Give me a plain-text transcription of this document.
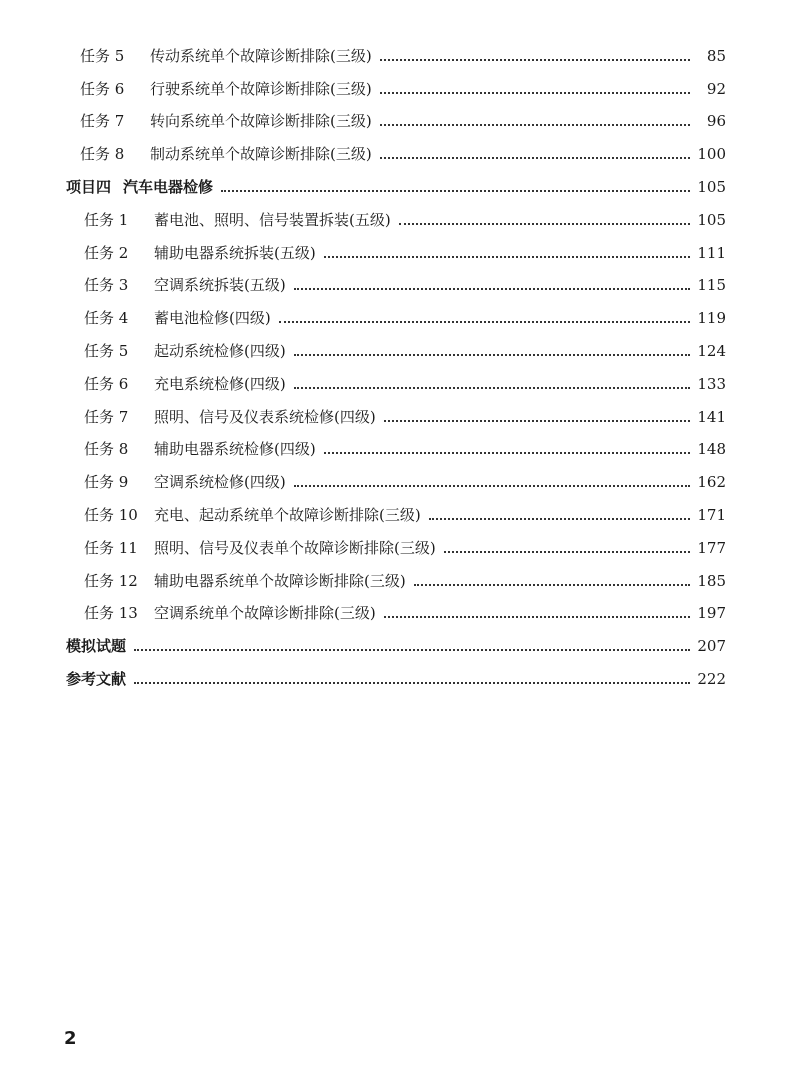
任务 5	传动系统单个故障诊断排除(三级)	85
任务 6	行驶系统单个故障诊断排除(三级)	92
任务 7	转向系统单个故障诊断排除(三级)	96
任务 8	制动系统单个故障诊断排除(三级)	100
项目四 汽车电器检修	105
任务 1	蓄电池、照明、信号装置拆装(五级)	105
任务 2	辅助电器系统拆装(五级)	111
任务 3	空调系统拆装(五级)	115
任务 4	蓄电池检修(四级)	119
任务 5	起动系统检修(四级)	124
任务 6	充电系统检修(四级)	133
任务 7	照明、信号及仪表系统检修(四级)	141
任务 8	辅助电器系统检修(四级)	148
任务 9	空调系统检修(四级)	162
任务 10	充电、起动系统单个故障诊断排除(三级)	171
任务 11	照明、信号及仪表单个故障诊断排除(三级)	177
任务 12	辅助电器系统单个故障诊断排除(三级)	185
任务 13	空调系统单个故障诊断排除(三级)	197
模拟试题	207
参考文献	222
2
